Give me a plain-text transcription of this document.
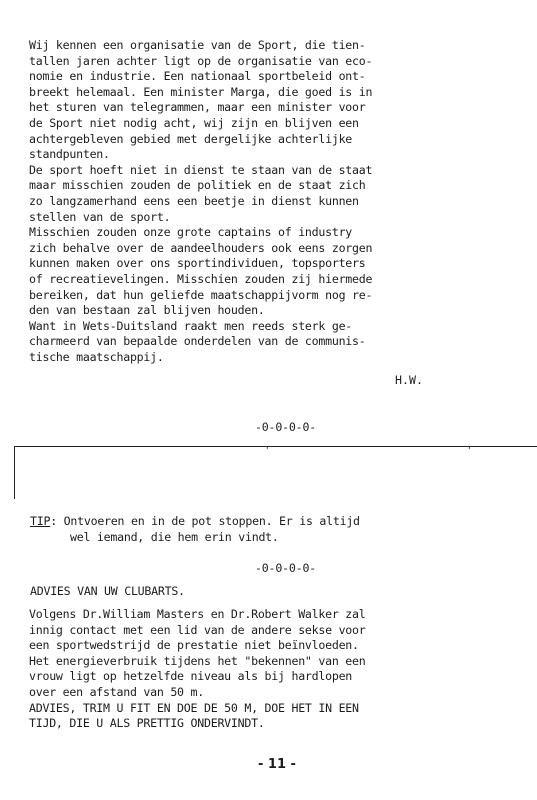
Wij kennen een organisatie van de Sport, die tien-
tallen jaren achter ligt op de organisatie van eco-
nomie en industrie. Een nationaal sportbeleid ont-
breekt helemaal. Een minister Marga, die goed is in
het sturen van telegrammen, maar een minister voor
de Sport niet nodig acht, wij zijn en blijven een
achtergebleven gebied met dergelijke achterlijke
standpunten.
De sport hoeft niet in dienst te staan van de staat
maar misschien zouden de politiek en de staat zich
zo langzamerhand eens een beetje in dienst kunnen
stellen van de sport.
Misschien zouden onze grote captains of industry
zich behalve over de aandeelhouders ook eens zorgen
kunnen maken over ons sportindividuen, topsporters
of recreatievelingen. Misschien zouden zij hiermede
bereiken, dat hun geliefde maatschappijvorm nog re-
den van bestaan zal blijven houden.
Want in Wets-Duitsland raakt men reeds sterk ge-
charmeerd van bepaalde onderdelen van de communis-
tische maatschappij.
H.W.
-0-0-0-0-
'	'
TIP: Ontvoeren en in de pot stoppen. Er is altijd
wel iemand, die hem erin vindt.
-0-0-0-0-
ADVIES VAN UW CLUBARTS.
Volgens Dr.William Masters en Dr.Robert Walker zal
innig contact met een lid van de andere sekse voor
een sportwedstrijd de prestatie niet beïnvloeden.
Het energieverbruik tijdens het "bekennen" van een
vrouw ligt op hetzelfde niveau als bij hardlopen
over een afstand van 50 m.
ADVIES, TRIM U FIT EN DOE DE 50 M, DOE HET IN EEN
TIJD, DIE U ALS PRETTIG ONDERVINDT.
- 11 -
